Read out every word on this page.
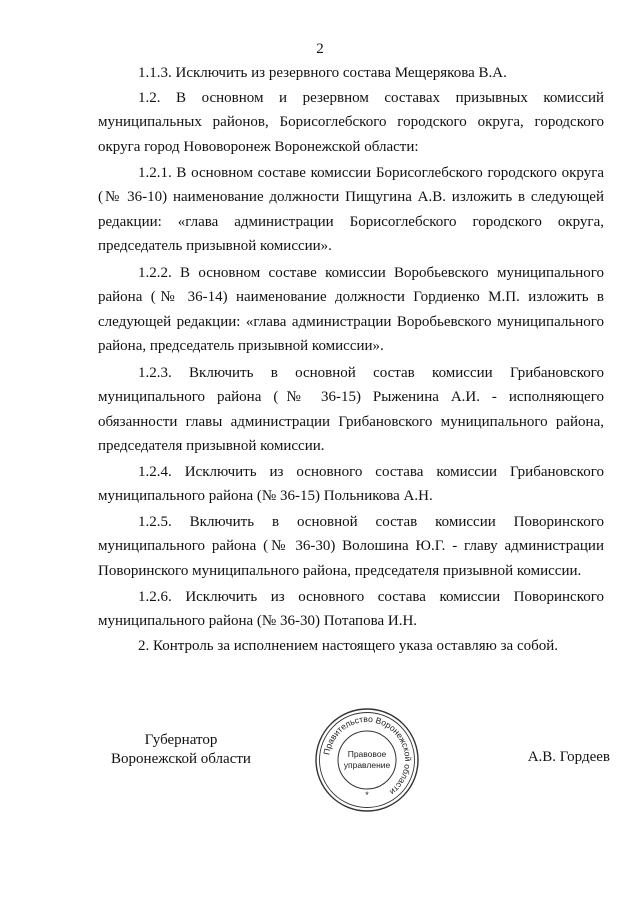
2

1.1.3. Исключить из резервного состава Мещерякова В.А.

1.2. В основном и резервном составах призывных комиссий муниципальных районов, Борисоглебского городского округа, городского округа город Нововоронеж Воронежской области:

1.2.1. В основном составе комиссии Борисоглебского городского округа (№ 36-10) наименование должности Пищугина А.В. изложить в следующей редакции: «глава администрации Борисоглебского городского округа, председатель призывной комиссии».

1.2.2. В основном составе комиссии Воробьевского муниципального района (№ 36-14) наименование должности Гордиенко М.П. изложить в следующей редакции: «глава администрации Воробьевского муниципального района, председатель призывной комиссии».

1.2.3. Включить в основной состав комиссии Грибановского муниципального района (№ 36-15) Рыженина А.И. - исполняющего обязанности главы администрации Грибановского муниципального района, председателя призывной комиссии.

1.2.4. Исключить из основного состава комиссии Грибановского муниципального района (№ 36-15) Польникова А.Н.

1.2.5. Включить в основной состав комиссии Поворинского муниципального района (№ 36-30) Волошина Ю.Г. - главу администрации Поворинского муниципального района, председателя призывной комиссии.

1.2.6. Исключить из основного состава комиссии Поворинского муниципального района (№ 36-30) Потапова И.Н.

2. Контроль за исполнением настоящего указа оставляю за собой.

Губернатор
Воронежской области	Правительство Воронежской области
Правовое
управление
*
А.В. Гордеев
